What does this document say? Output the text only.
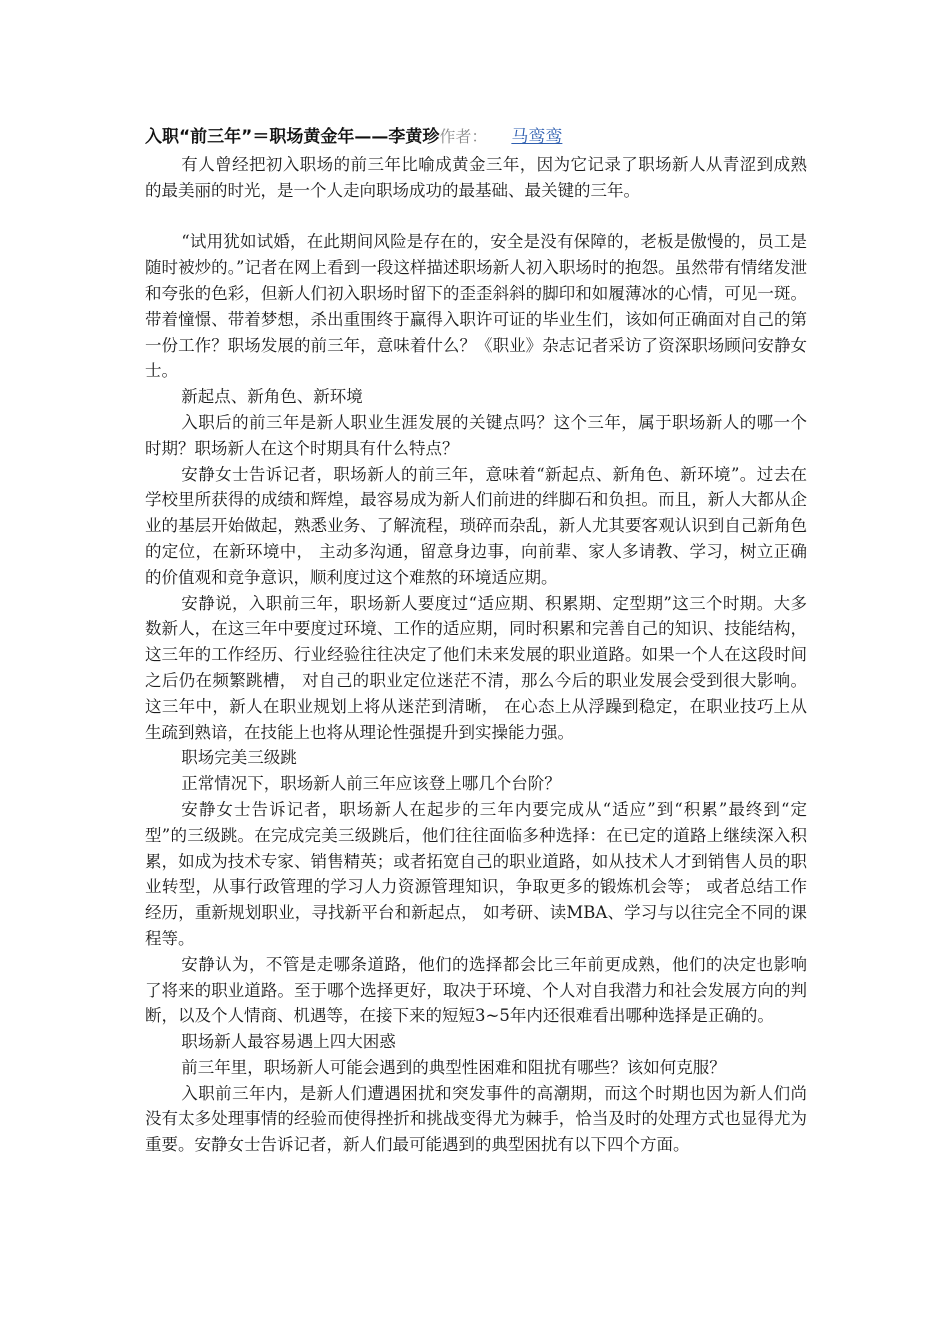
入职“前三年”＝职场黄金年——李黄珍作者： 马鸾鸾

有人曾经把初入职场的前三年比喻成黄金三年，因为它记录了职场新人从青涩到成熟的最美丽的时光，是一个人走向职场成功的最基础、最关键的三年。

“试用犹如试婚，在此期间风险是存在的，安全是没有保障的，老板是傲慢的，员工是随时被炒的。”记者在网上看到一段这样描述职场新人初入职场时的抱怨。虽然带有情绪发泄和夸张的色彩，但新人们初入职场时留下的歪歪斜斜的脚印和如履薄冰的心情，可见一斑。带着憧憬、带着梦想，杀出重围终于赢得入职许可证的毕业生们，该如何正确面对自己的第一份工作？职场发展的前三年，意味着什么？《职业》杂志记者采访了资深职场顾问安静女士。

新起点、新角色、新环境

入职后的前三年是新人职业生涯发展的关键点吗？这个三年，属于职场新人的哪一个时期？职场新人在这个时期具有什么特点？

安静女士告诉记者，职场新人的前三年，意味着“新起点、新角色、新环境”。过去在学校里所获得的成绩和辉煌，最容易成为新人们前进的绊脚石和负担。而且，新人大都从企业的基层开始做起，熟悉业务、了解流程，琐碎而杂乱，新人尤其要客观认识到自己新角色的定位，在新环境中， 主动多沟通，留意身边事，向前辈、家人多请教、学习，树立正确的价值观和竞争意识，顺利度过这个难熬的环境适应期。

安静说，入职前三年，职场新人要度过“适应期、积累期、定型期”这三个时期。大多数新人，在这三年中要度过环境、工作的适应期，同时积累和完善自己的知识、技能结构，这三年的工作经历、行业经验往往决定了他们未来发展的职业道路。如果一个人在这段时间之后仍在频繁跳槽， 对自己的职业定位迷茫不清，那么今后的职业发展会受到很大影响。这三年中，新人在职业规划上将从迷茫到清晰， 在心态上从浮躁到稳定，在职业技巧上从生疏到熟谙，在技能上也将从理论性强提升到实操能力强。

职场完美三级跳

正常情况下，职场新人前三年应该登上哪几个台阶？

安静女士告诉记者，职场新人在起步的三年内要完成从“适应”到“积累”最终到“定型”的三级跳。在完成完美三级跳后，他们往往面临多种选择：在已定的道路上继续深入积累，如成为技术专家、销售精英；或者拓宽自己的职业道路，如从技术人才到销售人员的职业转型，从事行政管理的学习人力资源管理知识，争取更多的锻炼机会等； 或者总结工作经历，重新规划职业，寻找新平台和新起点， 如考研、读MBA、学习与以往完全不同的课程等。

安静认为，不管是走哪条道路，他们的选择都会比三年前更成熟，他们的决定也影响了将来的职业道路。至于哪个选择更好，取决于环境、个人对自我潜力和社会发展方向的判断，以及个人情商、机遇等，在接下来的短短3~5年内还很难看出哪种选择是正确的。

职场新人最容易遇上四大困惑

前三年里，职场新人可能会遇到的典型性困难和阻扰有哪些？该如何克服？

入职前三年内，是新人们遭遇困扰和突发事件的高潮期，而这个时期也因为新人们尚没有太多处理事情的经验而使得挫折和挑战变得尤为棘手，恰当及时的处理方式也显得尤为重要。安静女士告诉记者，新人们最可能遇到的典型困扰有以下四个方面。
